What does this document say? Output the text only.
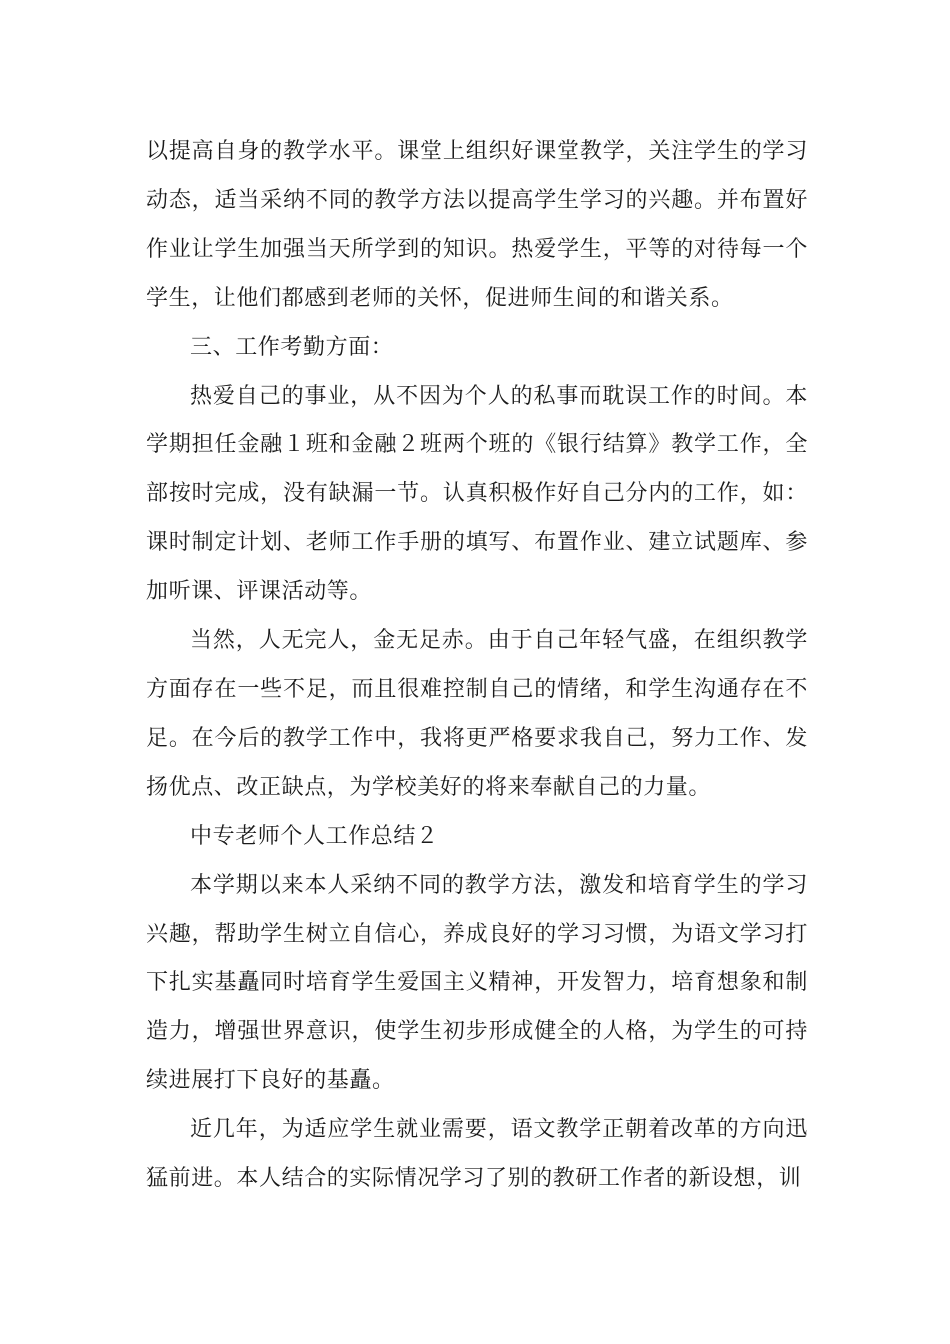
以提高自身的教学水平。课堂上组织好课堂教学，关注学生的学习动态，适当采纳不同的教学方法以提高学生学习的兴趣。并布置好作业让学生加强当天所学到的知识。热爱学生，平等的对待每一个学生，让他们都感到老师的关怀，促进师生间的和谐关系。

三、工作考勤方面：

热爱自己的事业，从不因为个人的私事而耽误工作的时间。本学期担任金融１班和金融２班两个班的《银行结算》教学工作，全部按时完成，没有缺漏一节。认真积极作好自己分内的工作，如：课时制定计划、老师工作手册的填写、布置作业、建立试题库、参加听课、评课活动等。

当然，人无完人，金无足赤。由于自己年轻气盛，在组织教学方面存在一些不足，而且很难控制自己的情绪，和学生沟通存在不足。在今后的教学工作中，我将更严格要求我自己，努力工作、发扬优点、改正缺点，为学校美好的将来奉献自己的力量。

中专老师个人工作总结２

本学期以来本人采纳不同的教学方法，激发和培育学生的学习兴趣，帮助学生树立自信心，养成良好的学习习惯，为语文学习打下扎实基矗同时培育学生爱国主义精神，开发智力，培育想象和制造力，增强世界意识，使学生初步形成健全的人格，为学生的可持续进展打下良好的基矗。

近几年，为适应学生就业需要，语文教学正朝着改革的方向迅猛前进。本人结合的实际情况学习了别的教研工作者的新设想，训
